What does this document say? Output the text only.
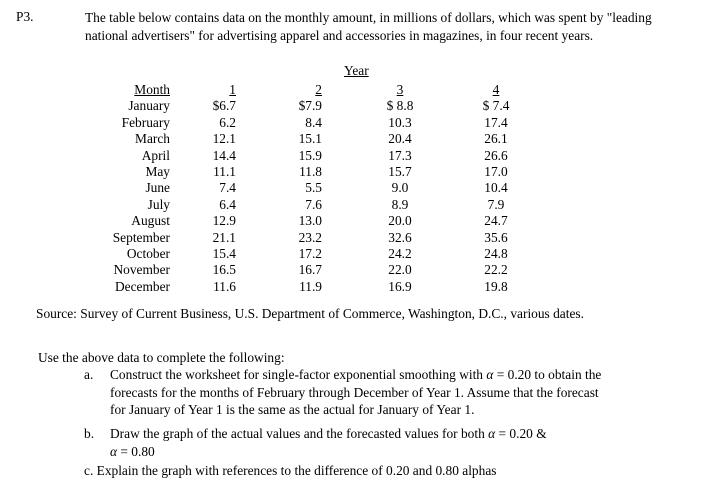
P3.	The table below contains data on the monthly amount, in millions of dollars, which was spent by "leading national advertisers" for advertising apparel and accessories in magazines, in four recent years.
Year
Month
January
February
March
April
May
June
July
August
September
October
November
December
1
$6.7
6.2
12.1
14.4
11.1
7.4
6.4
12.9
21.1
15.4
16.5
11.6
2
$7.9
8.4
15.1
15.9
11.8
5.5
7.6
13.0
23.2
17.2
16.7
11.9
3
$ 8.8
10.3
20.4
17.3
15.7
9.0
8.9
20.0
32.6
24.2
22.0
16.9
4
$ 7.4
17.4
26.1
26.6
17.0
10.4
7.9
24.7
35.6
24.8
22.2
19.8
Source: Survey of Current Business, U.S. Department of Commerce, Washington, D.C., various dates.
Use the above data to complete the following:
a. Construct the worksheet for single-factor exponential smoothing with α = 0.20 to obtain the
forecasts for the months of February through December of Year 1. Assume that the forecast
for January of Year 1 is the same as the actual for January of Year 1.
b. Draw the graph of the actual values and the forecasted values for both α = 0.20 &
α = 0.80
c. Explain the graph with references to the difference of 0.20 and 0.80 alphas
